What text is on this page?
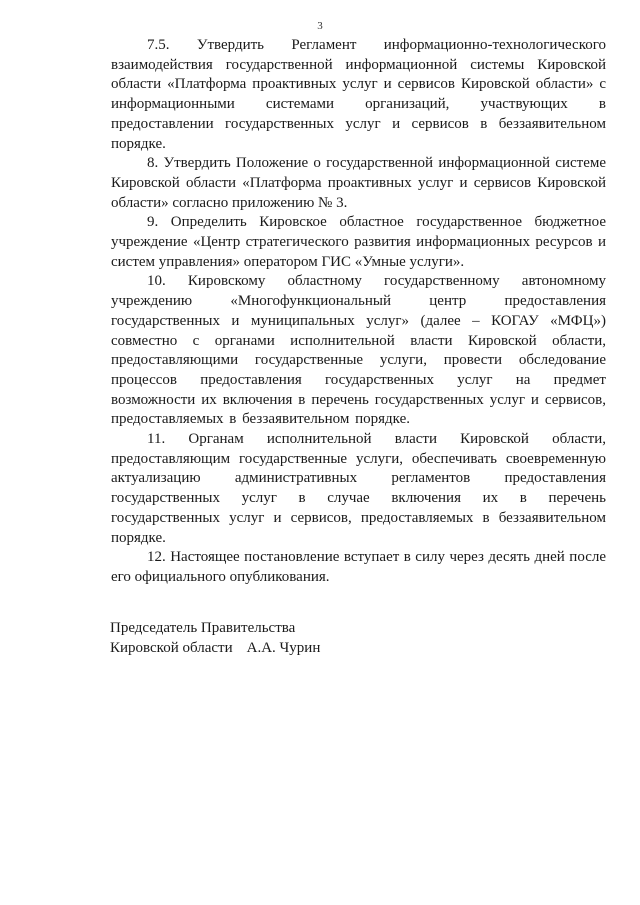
3

7.5. Утвердить Регламент информационно-технологического взаимодействия государственной информационной системы Кировской области «Платформа проактивных услуг и сервисов Кировской области» с информационными системами организаций, участвующих в предоставлении государственных услуг и сервисов в беззаявительном порядке.

8. Утвердить Положение о государственной информационной системе Кировской области «Платформа проактивных услуг и сервисов Кировской области» согласно приложению № 3.

9. Определить Кировское областное государственное бюджетное учреждение «Центр стратегического развития информационных ресурсов и систем управления» оператором ГИС «Умные услуги».

10. Кировскому областному государственному автономному учреждению «Многофункциональный центр предоставления государственных и муниципальных услуг» (далее – КОГАУ «МФЦ») совместно с органами исполнительной власти Кировской области, предоставляющими государственные услуги, провести обследование процессов предоставления государственных услуг на предмет возможности их включения в перечень государственных услуг и сервисов, предоставляемых в беззаявительном порядке.

11. Органам исполнительной власти Кировской области, предоставляющим государственные услуги, обеспечивать своевременную актуализацию административных регламентов предоставления государственных услуг в случае включения их в перечень государственных услуг и сервисов, предоставляемых в беззаявительном порядке.

12. Настоящее постановление вступает в силу через десять дней после его официального опубликования.

Председатель Правительства
Кировской области А.А. Чурин
